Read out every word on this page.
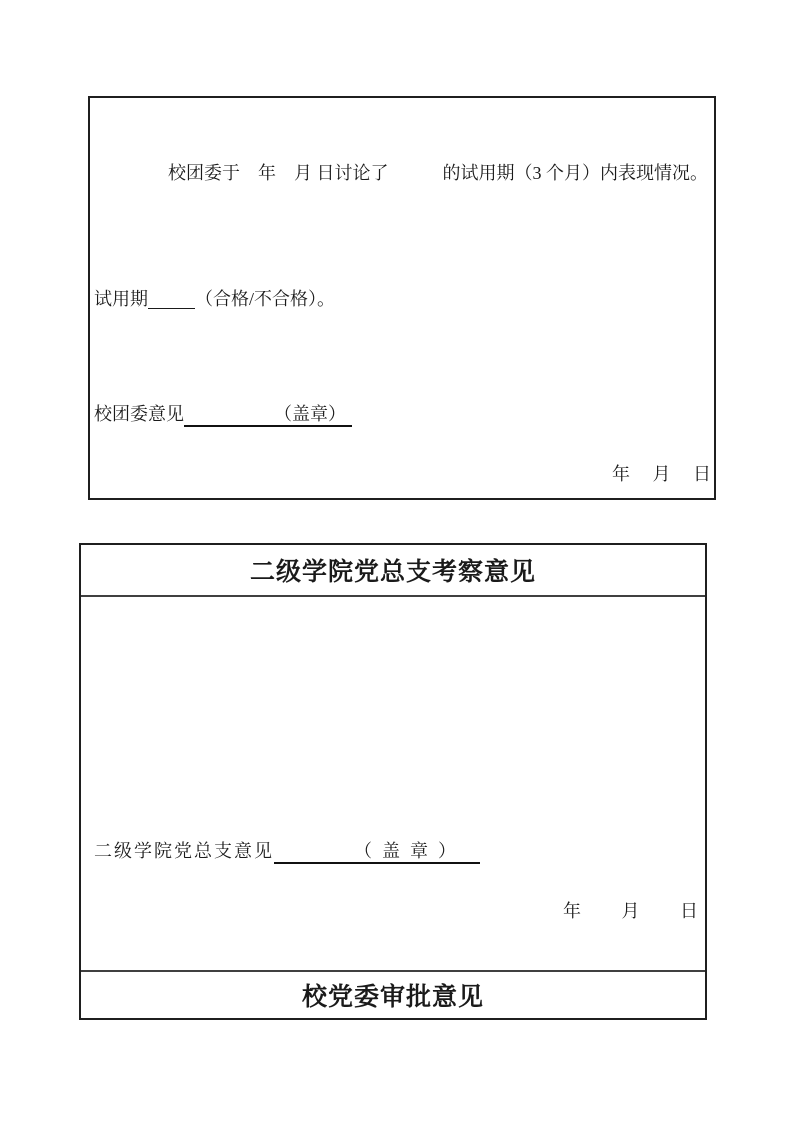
校团委于　年　月 日讨论了　　　的试用期（3 个月）内表现情况。

试用期	（合格/不合格）。

校团委意见	（盖章）

年　 月　 日

二级学院党总支考察意见

二级学院党总支意见	（盖章）

年　　 月　　 日

校党委审批意见
